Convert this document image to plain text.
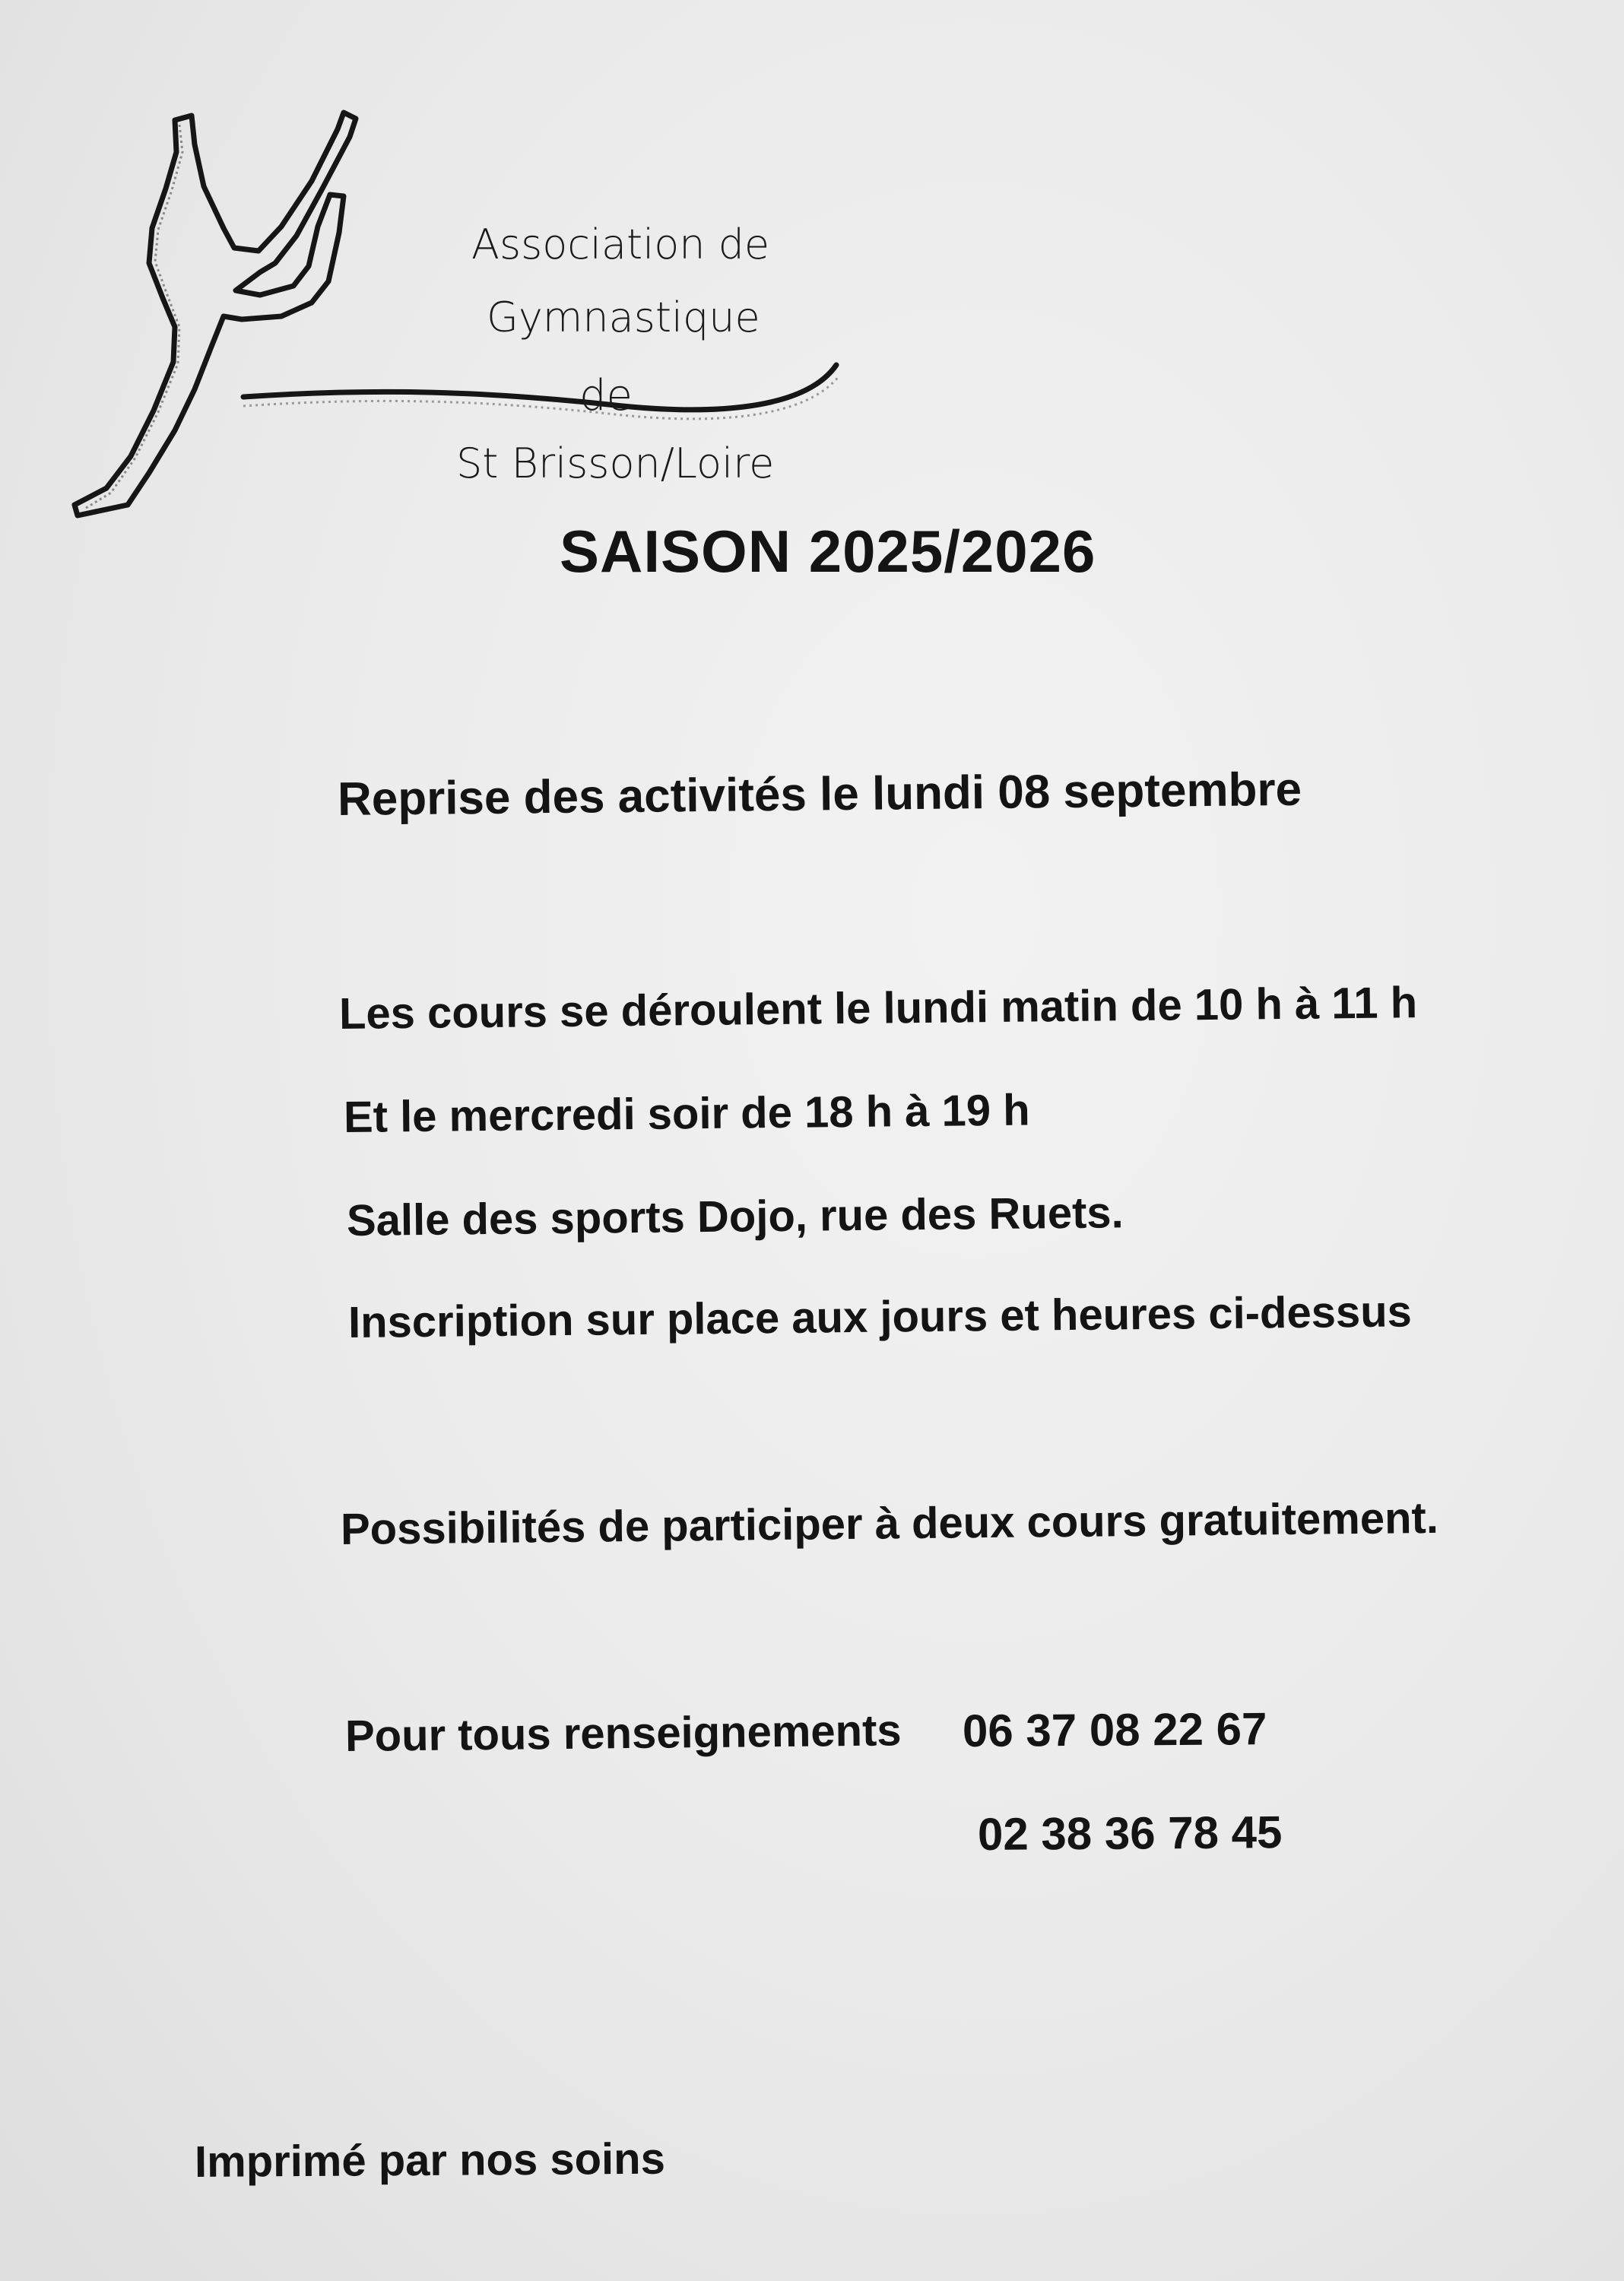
Association de
Gymnastique
de
St Brisson/Loire
SAISON 2025/2026
Reprise des activités le lundi 08 septembre
Les cours se déroulent le lundi matin de 10 h à 11 h
Et le mercredi soir de 18 h à 19 h
Salle des sports Dojo, rue des Ruets.
Inscription sur place aux jours et heures ci-dessus
Possibilités de participer à deux cours gratuitement.
Pour tous renseignements 06 37 08 22 67
02 38 36 78 45
Imprimé par nos soins
